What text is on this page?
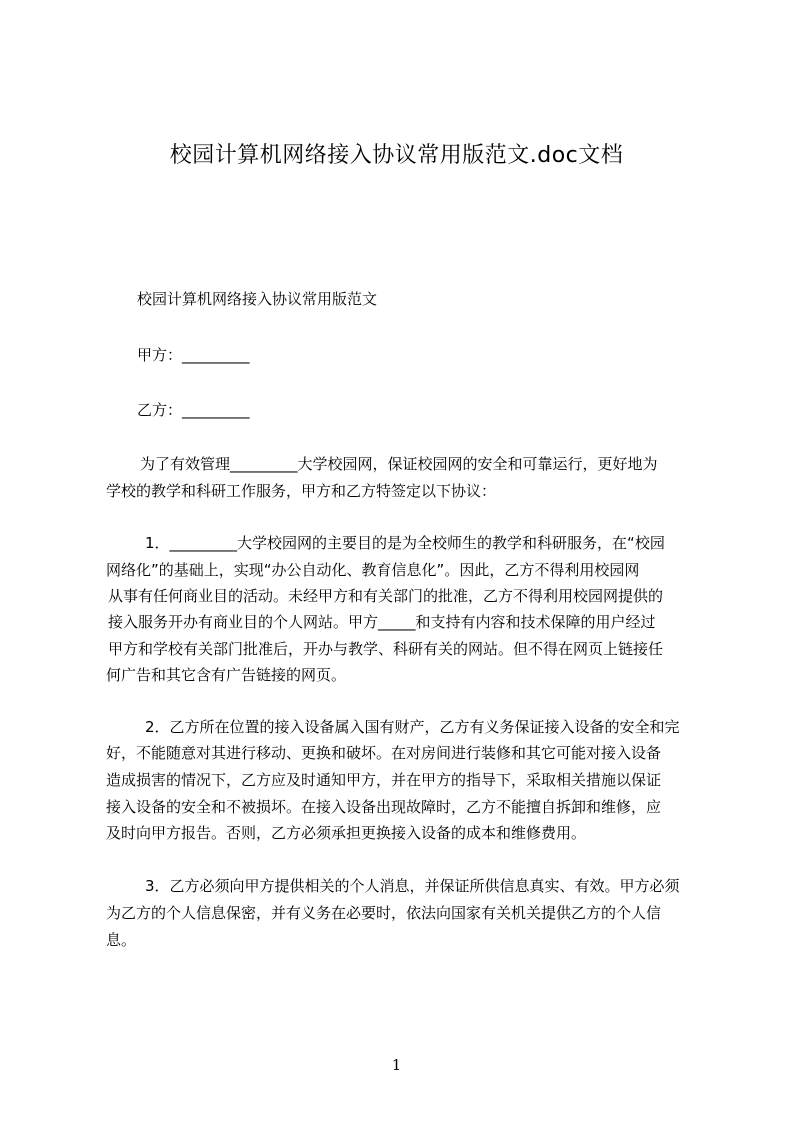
校园计算机网络接入协议常用版范文.doc文档
校园计算机网络接入协议常用版范文
甲方：_________
乙方：_________
为了有效管理_________大学校园网，保证校园网的安全和可靠运行，更好地为
学校的教学和科研工作服务，甲方和乙方特签定以下协议：
1．_________大学校园网的主要目的是为全校师生的教学和科研服务，在“校园
网络化”的基础上，实现“办公自动化、教育信息化”。因此，乙方不得利用校园网
从事有任何商业目的活动。未经甲方和有关部门的批准，乙方不得利用校园网提供的
接入服务开办有商业目的个人网站。甲方_____和支持有内容和技术保障的用户经过
甲方和学校有关部门批准后，开办与教学、科研有关的网站。但不得在网页上链接任
何广告和其它含有广告链接的网页。
2．乙方所在位置的接入设备属入国有财产，乙方有义务保证接入设备的安全和完
好，不能随意对其进行移动、更换和破坏。在对房间进行装修和其它可能对接入设备
造成损害的情况下，乙方应及时通知甲方，并在甲方的指导下，采取相关措施以保证
接入设备的安全和不被损坏。在接入设备出现故障时，乙方不能擅自拆卸和维修，应
及时向甲方报告。否则，乙方必须承担更换接入设备的成本和维修费用。
3．乙方必须向甲方提供相关的个人消息，并保证所供信息真实、有效。甲方必须
为乙方的个人信息保密，并有义务在必要时，依法向国家有关机关提供乙方的个人信
息。
1
